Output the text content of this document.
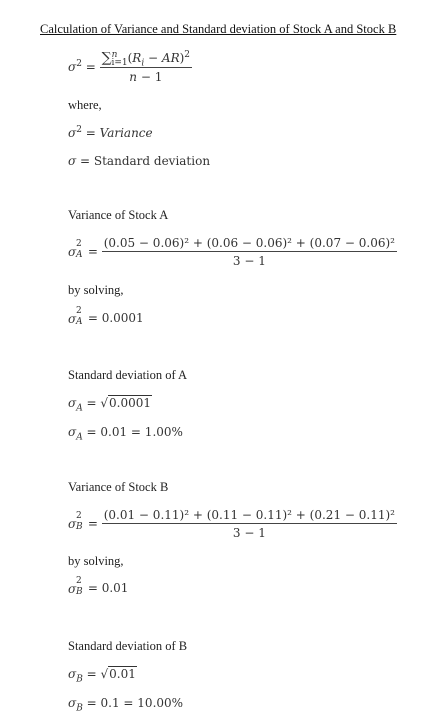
Calculation of Variance and Standard deviation of Stock A and Stock B
$\sigma^2 = \frac{\sum^n_{i=1}(R_i - AR)^2}{n - 1}$
where,
$\sigma^2$ = Variance
σ = Standard deviation
Variance of Stock A
σ
2
$A = \frac{\text{(0.05 − 0.06)² + (0.06 − 0.06)² + (0.07 − 0.06)²}}{3 - 1}$
by solving,
σ
2
A = 0.0001
Standard deviation of A
$\sigma_A = √0.0001$
$\sigma_A = 0.01 = 1.00\%$
Variance of Stock B
σ
2
$B = \frac{\text{(0.01 − 0.11)² + (0.11 − 0.11)² + (0.21 − 0.11)²}}{3 - 1}$
by solving,
σ
2
B = 0.01
Standard deviation of B
$\sigma_B = √0.01$
$\sigma_B = 0.1 = 10.00\%$
